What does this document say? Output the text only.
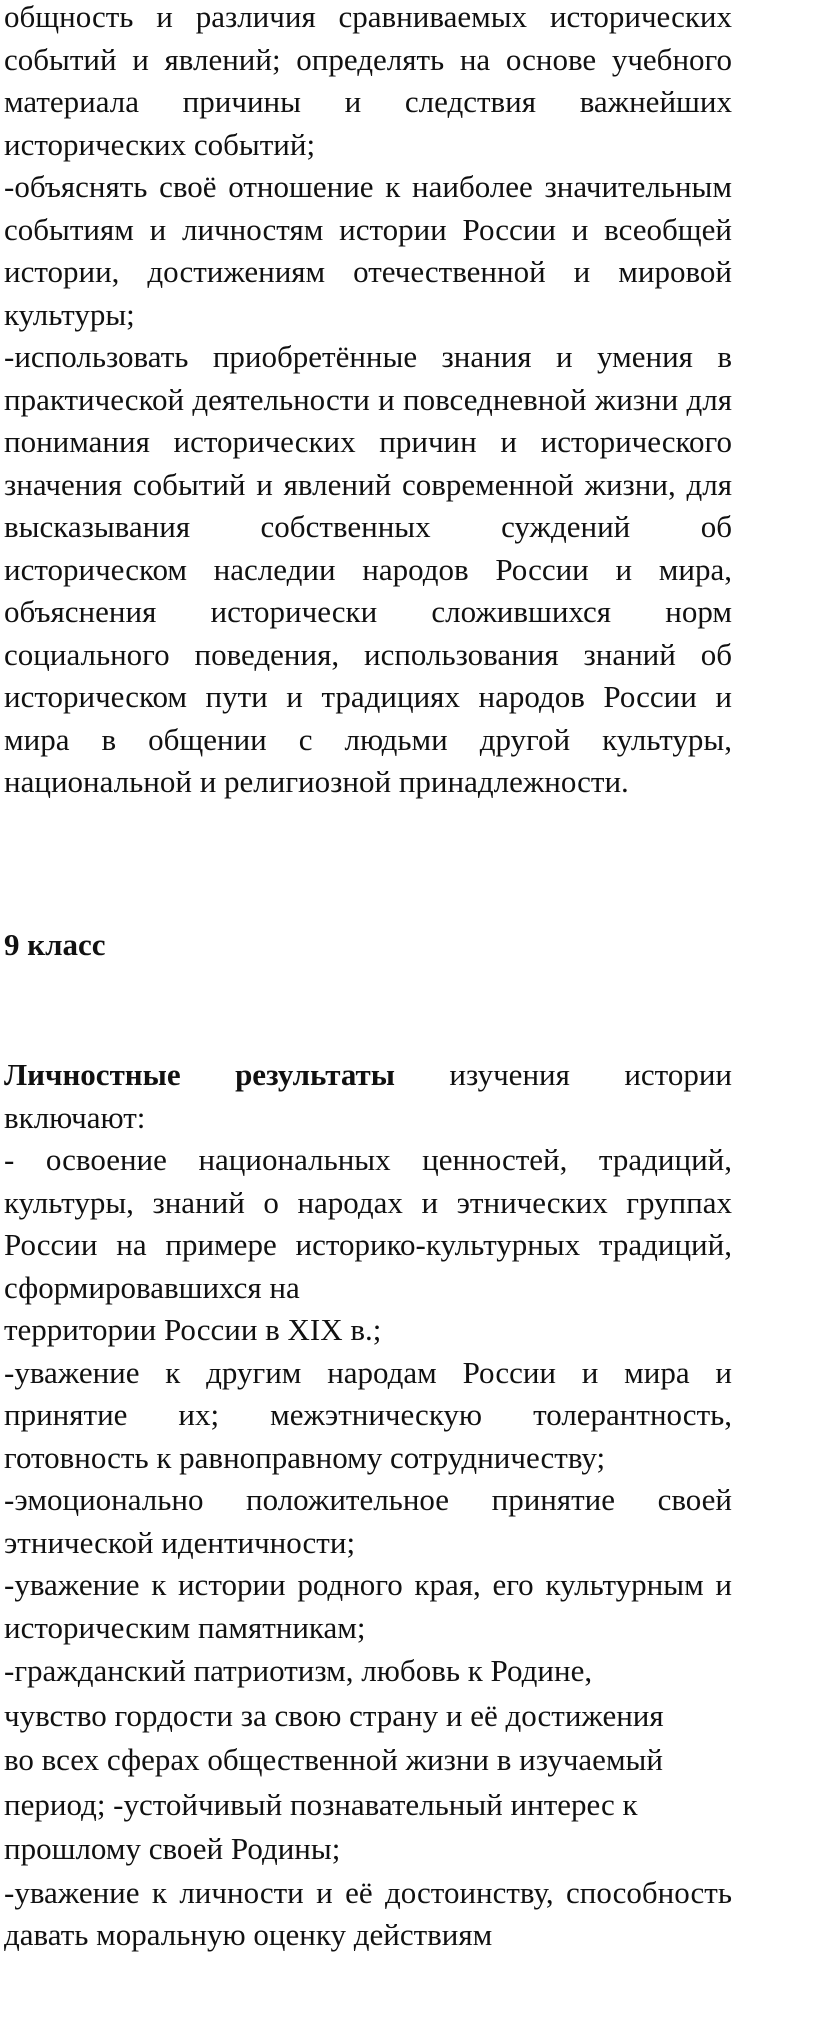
общность и различия сравниваемых исторических событий и явлений; определять на основе учебного материала причины и следствия важнейших исторических событий;

-объяснять своё отношение к наиболее значительным событиям и личностям истории России и всеобщей истории, достижениям отечественной и мировой культуры;

-использовать приобретённые знания и умения в практической деятельности и повседневной жизни для понимания исторических причин и исторического значения событий и явлений современной жизни, для высказывания собственных суждений об историческом наследии народов России и мира, объяснения исторически сложившихся норм социального поведения, использования знаний об историческом пути и традициях народов России и мира в общении с людьми другой культуры, национальной и религиозной принадлежности.

9 класс

Личностные результаты изучения истории включают:

- освоение национальных ценностей, традиций, культуры, знаний о народах и этнических группах России на примере историко-культурных традиций, сформировавшихся на

территории России в XIX в.;

-уважение к другим народам России и мира и принятие их; межэтническую толерантность, готовность к равноправному сотрудничеству;

-эмоционально положительное принятие своей этнической идентичности;

-уважение к истории родного края, его культурным и историческим памятникам;

-гражданский патриотизм, любовь к Родине,

чувство гордости за свою страну и её достижения

во всех сферах общественной жизни в изучаемый

период; -устойчивый познавательный интерес к

прошлому своей Родины;

-уважение к личности и её достоинству, способность давать моральную оценку действиям
